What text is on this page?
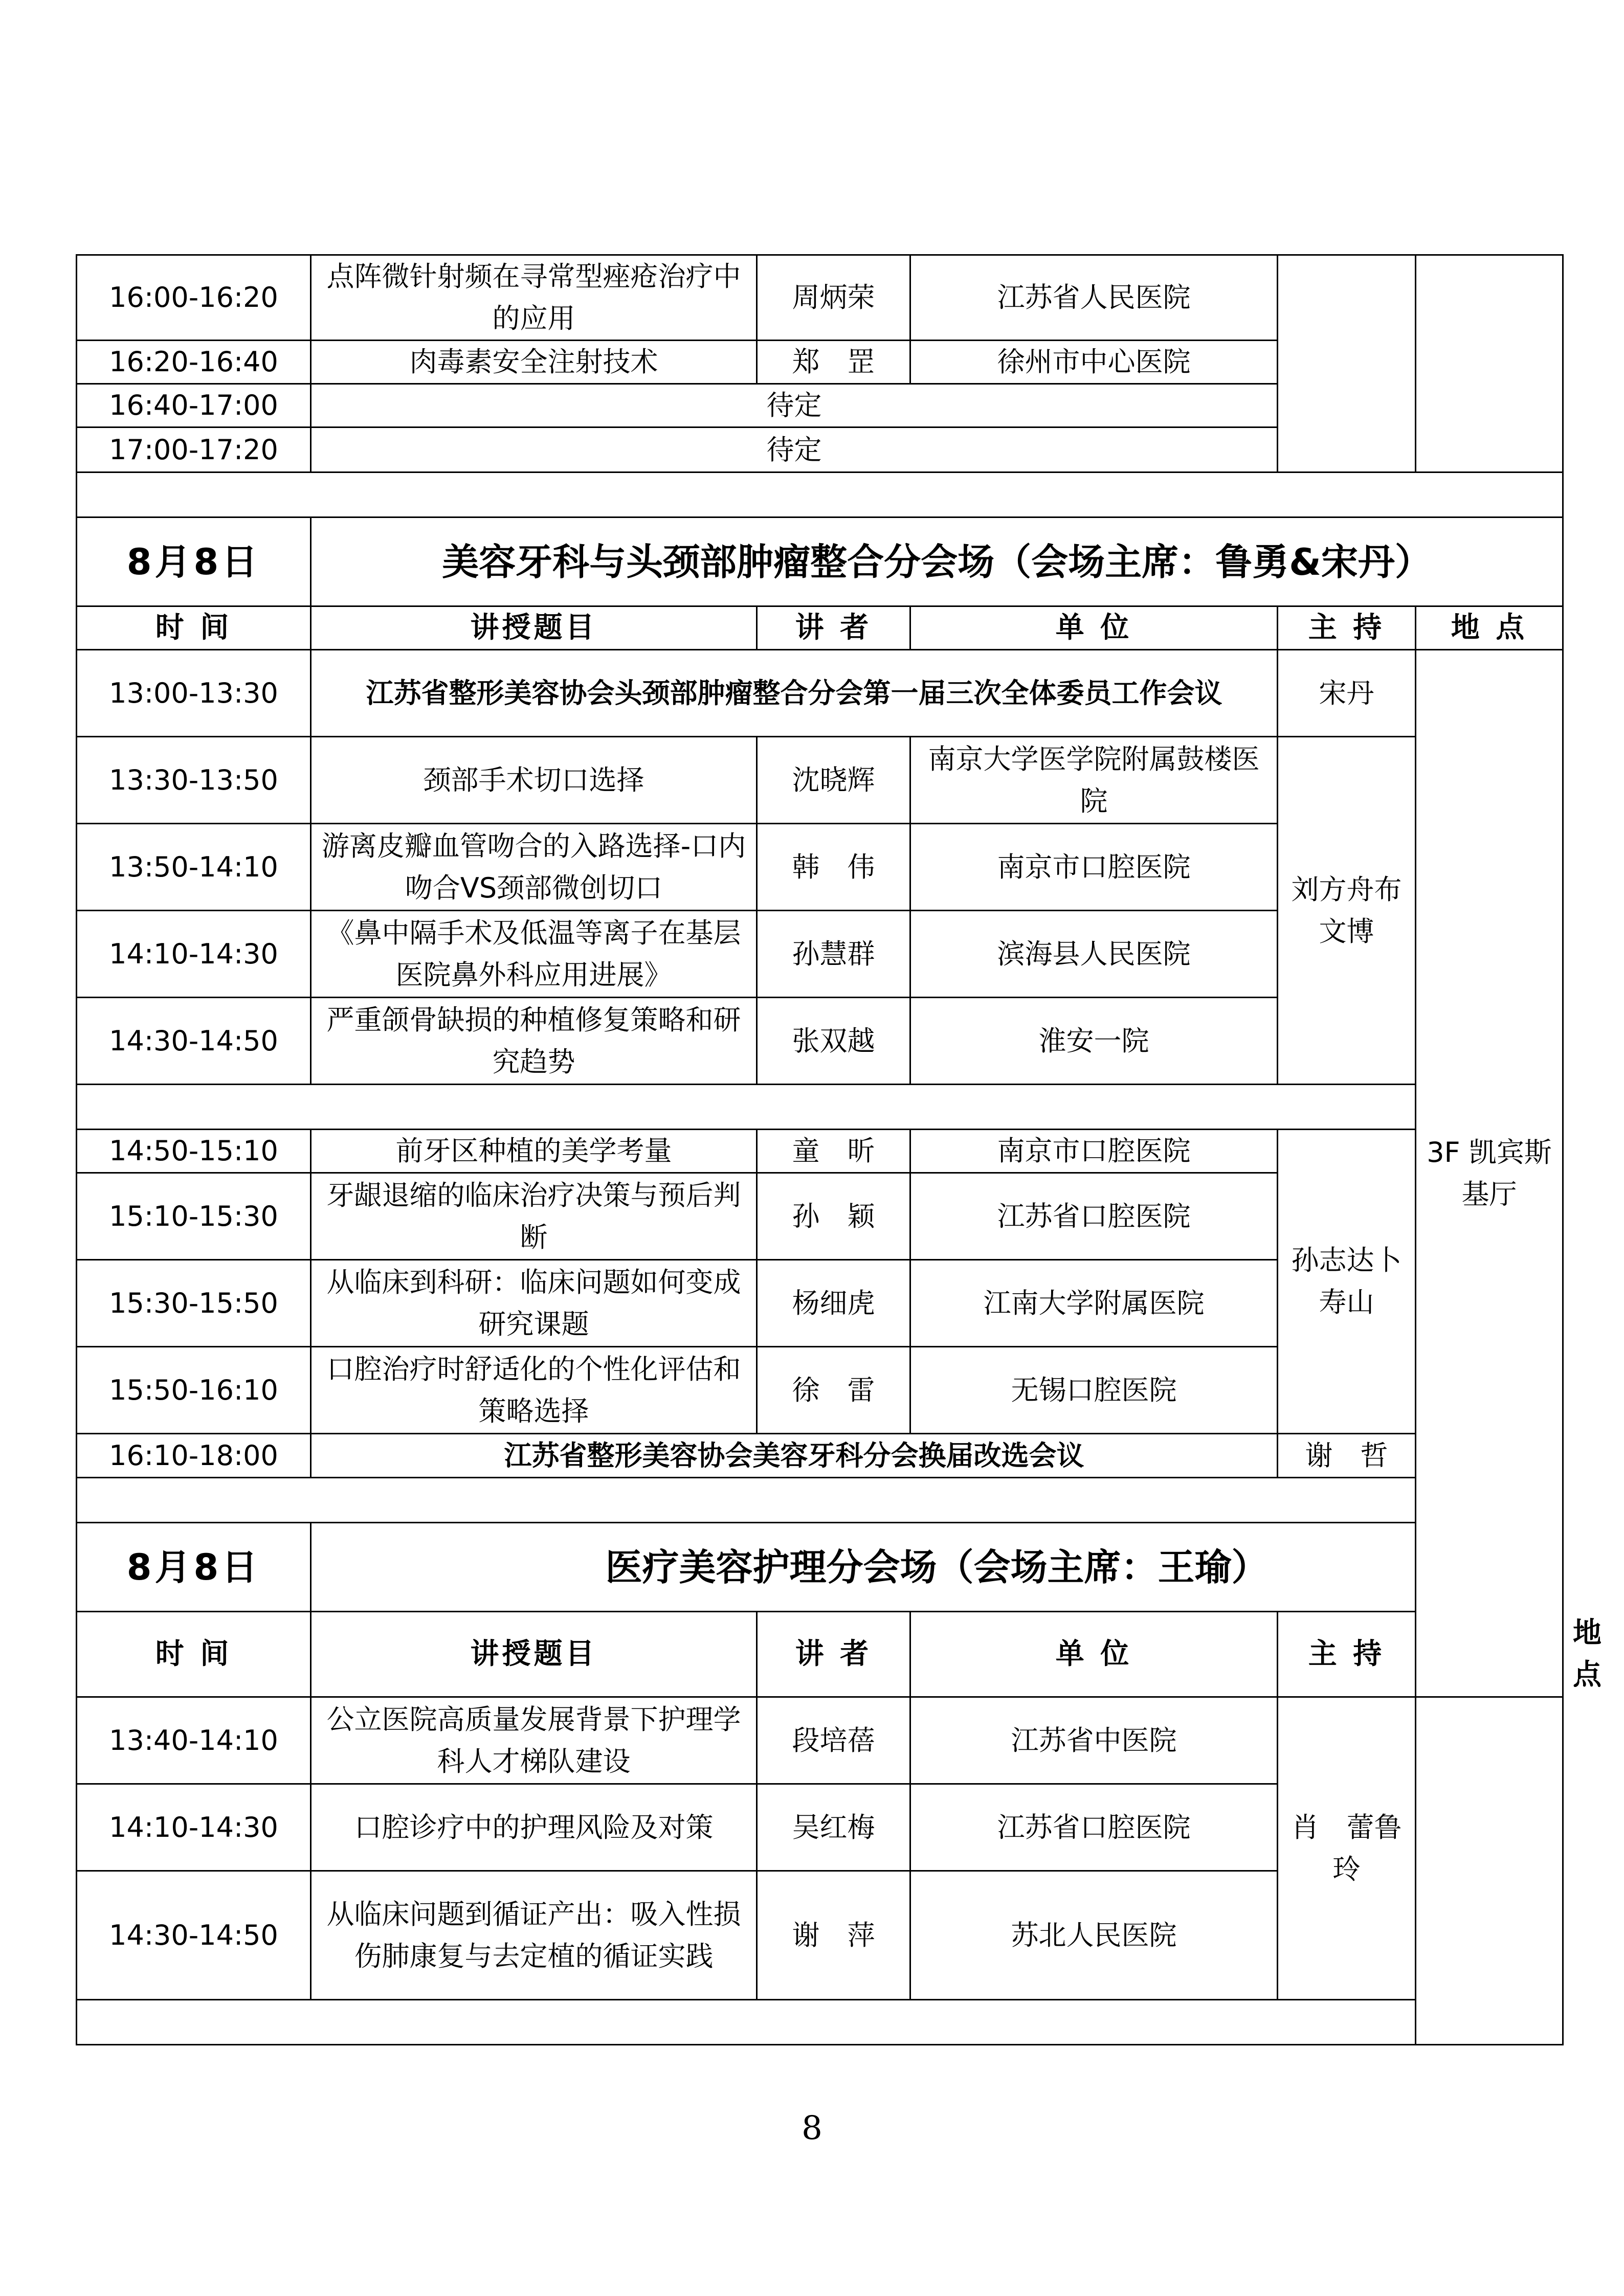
16:00-16:20	点阵微针射频在寻常型痤疮治疗中的应用	周炳荣	江苏省人民医院			
16:20-16:40	肉毒素安全注射技术	郑　罡	徐州市中心医院			
16:40-17:00	待定					
17:00-17:20	待定					

8月8日	美容牙科与头颈部肿瘤整合分会场（会场主席：鲁勇&宋丹）					
时 间	讲授题目	讲 者	单 位	主 持	地 点	
13:00-13:30	江苏省整形美容协会头颈部肿瘤整合分会第一届三次全体委员工作会议			宋丹	3F 凯宾斯基厅	
13:30-13:50	颈部手术切口选择	沈晓辉	南京大学医学院附属鼓楼医院	刘方舟布文博		
13:50-14:10	游离皮瓣血管吻合的入路选择-口内吻合VS颈部微创切口	韩　伟	南京市口腔医院			
14:10-14:30	《鼻中隔手术及低温等离子在基层医院鼻外科应用进展》	孙慧群	滨海县人民医院			
14:30-14:50	严重颌骨缺损的种植修复策略和研究趋势	张双越	淮安一院			

14:50-15:10	前牙区种植的美学考量	童　昕	南京市口腔医院	孙志达卜寿山		
15:10-15:30	牙龈退缩的临床治疗决策与预后判断	孙　颖	江苏省口腔医院			
15:30-15:50	从临床到科研：临床问题如何变成研究课题	杨细虎	江南大学附属医院			
15:50-16:10	口腔治疗时舒适化的个性化评估和策略选择	徐　雷	无锡口腔医院			
16:10-18:00	江苏省整形美容协会美容牙科分会换届改选会议			谢　哲		

8月8日	医疗美容护理分会场（会场主席：王瑜）					
时 间	讲授题目	讲 者	单 位	主 持		地 点
13:40-14:10	公立医院高质量发展背景下护理学科人才梯队建设	段培蓓	江苏省中医院	肖　蕾鲁　玲		
14:10-14:30	口腔诊疗中的护理风险及对策	吴红梅	江苏省口腔医院			
14:30-14:50	从临床问题到循证产出：吸入性损伤肺康复与去定植的循证实践	谢　萍	苏北人民医院			

8
